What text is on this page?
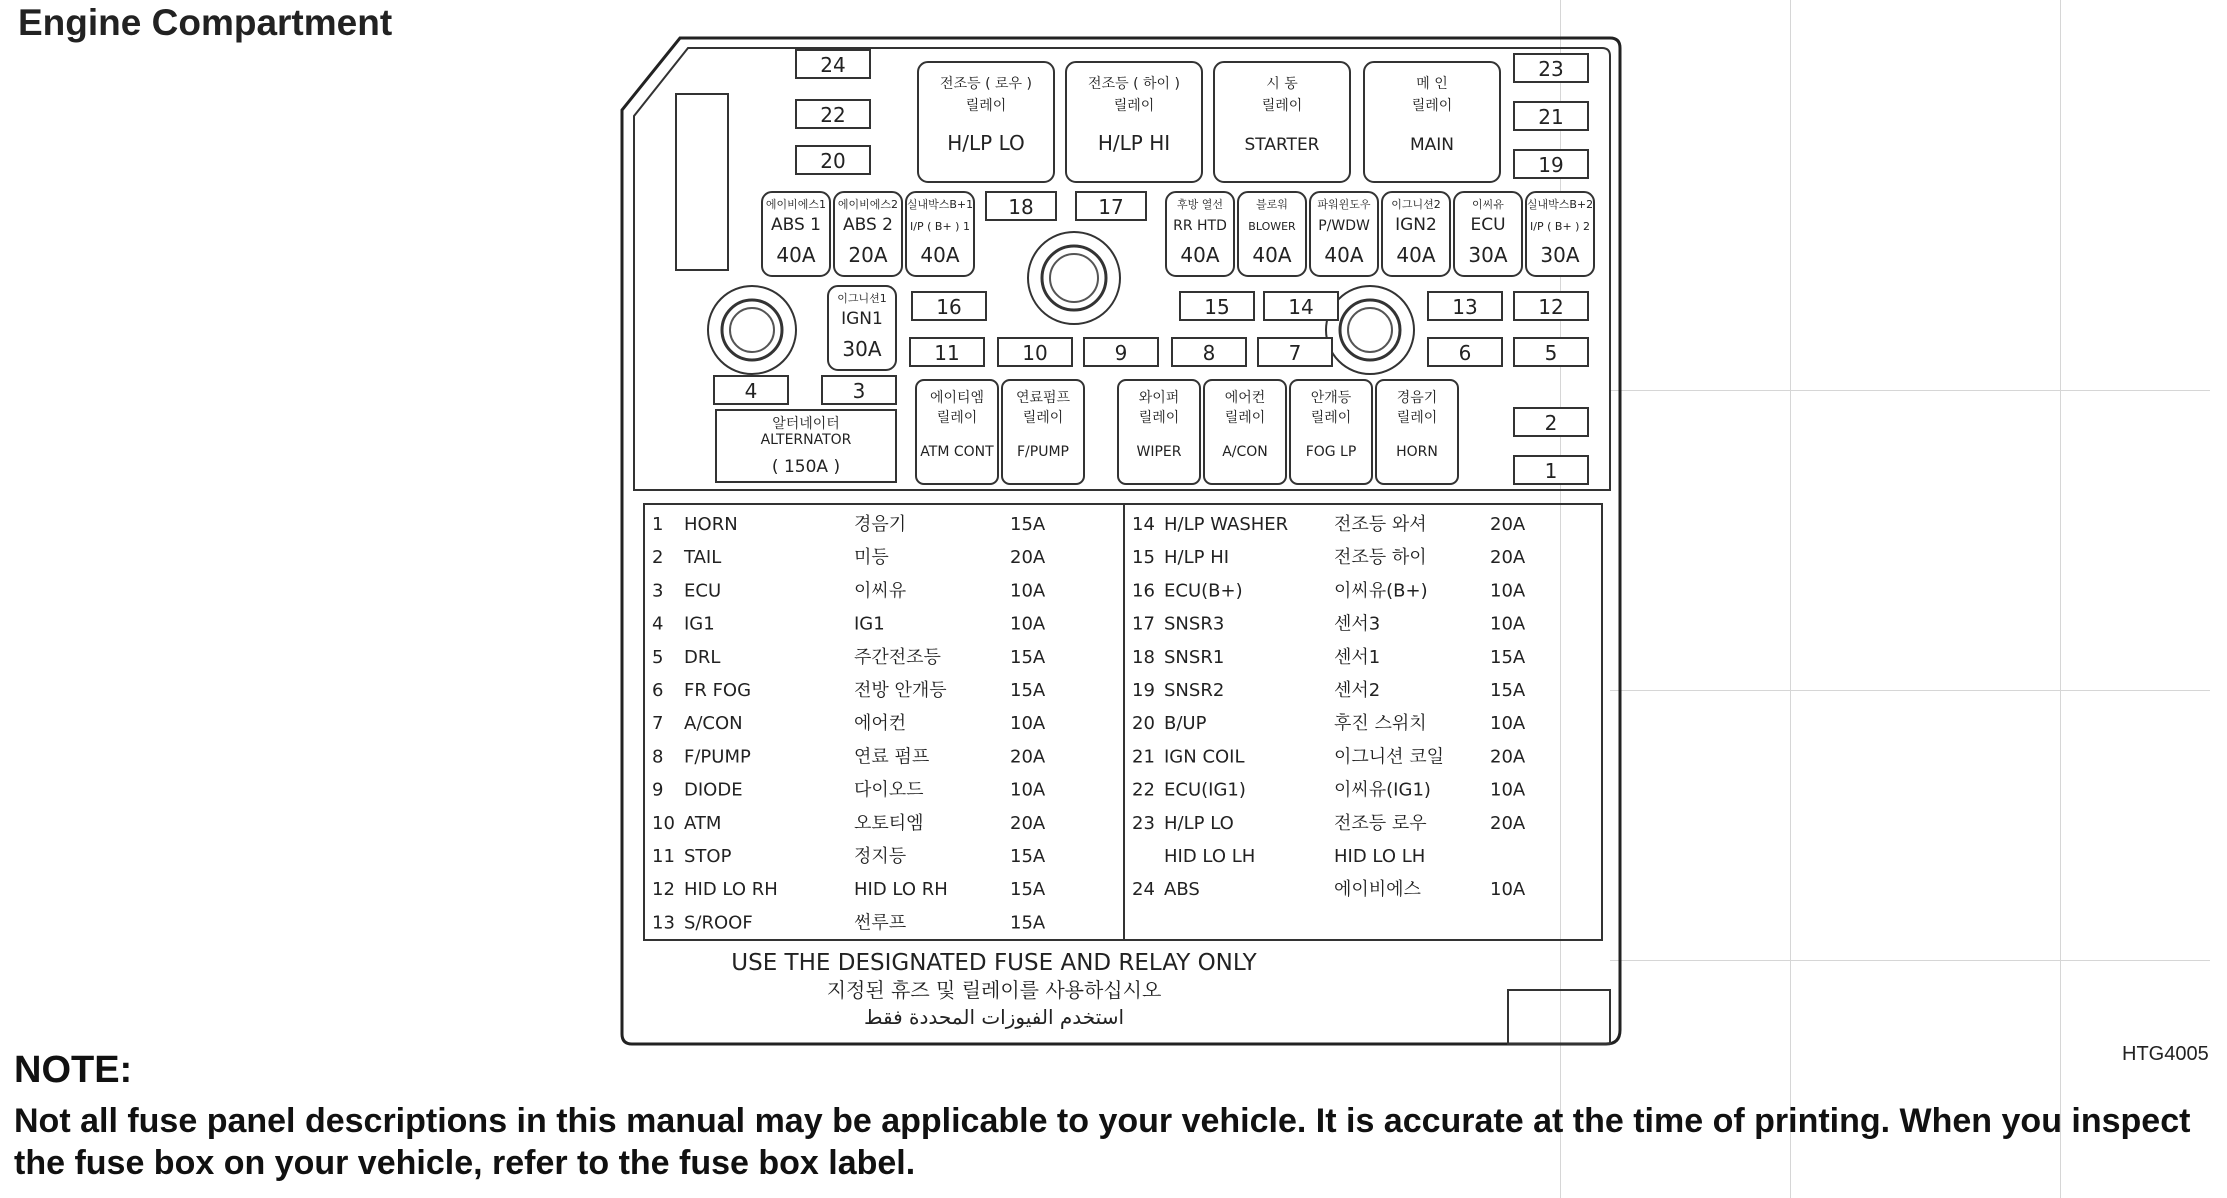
Engine Compartment
24
22
20
23
21
19
전조등 ( 로우 )
릴레이
H/LP LO
전조등 ( 하이 )
릴레이
H/LP HI
시 동
릴레이
STARTER
메 인
릴레이
MAIN
에이비에스1
ABS 1
40A
에이비에스2
ABS 2
20A
실내박스B+1
I/P ( B+ ) 1
40A
18	17	후방 열선
RR HTD
40A
블로워
BLOWER
40A
파워윈도우
P/WDW
40A
이그니션2
IGN2
40A
이씨유
ECU
30A
실내박스B+2
I/P ( B+ ) 2
30A
이그니션1
IGN1
30A
16	15	14	13	12
11	10	9	8	7	6	5
4	3
알터네이터
ALTERNATOR
( 150A )
에이티엠
릴레이
ATM CONT
연료펌프
릴레이
F/PUMP
와이퍼
릴레이
WIPER
에어컨
릴레이
A/CON
안개등
릴레이
FOG LP
경음기
릴레이
HORN
2
1
1 HORN	경음기	15A
2 TAIL	미등	20A
3 ECU	이씨유	10A
4 IG1	IG1	10A
5 DRL	주간전조등	15A
6 FR FOG	전방 안개등	15A
7 A/CON	에어컨	10A
8 F/PUMP	연료 펌프	20A
9 DIODE	다이오드	10A
10 ATM	오토티엠	20A
11 STOP	정지등	15A
12 HID LO RH	HID LO RH	15A
13 S/ROOF	썬루프	15A
14 H/LP WASHER	전조등 와셔	20A
15 H/LP HI	전조등 하이	20A
16 ECU(B+)	이씨유(B+)	10A
17 SNSR3	센서3	10A
18 SNSR1	센서1	15A
19 SNSR2	센서2	15A
20 B/UP	후진 스위치	10A
21 IGN COIL	이그니션 코일	20A
22 ECU(IG1)	이씨유(IG1)	10A
23 H/LP LO	전조등 로우	20A
HID LO LH	HID LO LH
24 ABS	에이비에스	10A
USE THE DESIGNATED FUSE AND RELAY ONLY
지정된 휴즈 및 릴레이를 사용하십시오
استخدم الفيوزات المحددة فقط
HTG4005
NOTE:
Not all fuse panel descriptions in this manual may be applicable to your vehicle. It is accurate at the time of printing. When you inspect the fuse box on your vehicle, refer to the fuse box label.
